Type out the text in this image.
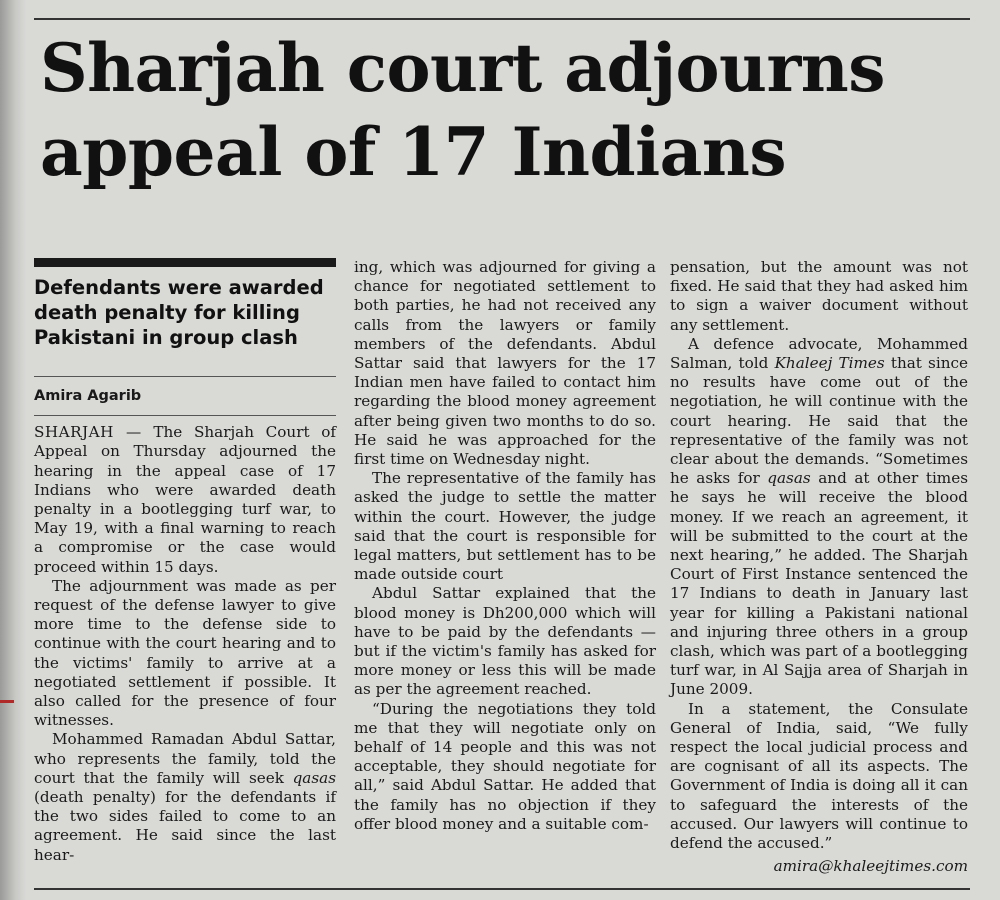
Sharjah court adjourns appeal of 17 Indians
Defendants were awarded death penalty for killing Pakistani in group clash
Amira Agarib

SHARJAH — The Sharjah Court of Appeal on Thursday adjourned the hearing in the appeal case of 17 Indians who were awarded death penalty in a bootlegging turf war, to May 19, with a final warning to reach a compromise or the case would proceed within 15 days.

The adjournment was made as per request of the defense lawyer to give more time to the defense side to continue with the court hearing and to the victims' family to arrive at a negotiated settlement if possible. It also called for the presence of four witnesses.

Mohammed Ramadan Abdul Sattar, who represents the family, told the court that the family will seek qasas (death penalty) for the defendants if the two sides failed to come to an agreement. He said since the last hear-

ing, which was adjourned for giving a chance for negotiated settlement to both parties, he had not received any calls from the lawyers or family members of the defendants. Abdul Sattar said that lawyers for the 17 Indian men have failed to contact him regarding the blood money agreement after being given two months to do so. He said he was approached for the first time on Wednesday night.

The representative of the family has asked the judge to settle the matter within the court. However, the judge said that the court is responsible for legal matters, but settlement has to be made outside court

Abdul Sattar explained that the blood money is Dh200,000 which will have to be paid by the defendants — but if the victim's family has asked for more money or less this will be made as per the agreement reached.

“During the negotiations they told me that they will negotiate only on behalf of 14 people and this was not acceptable, they should negotiate for all,” said Abdul Sattar. He added that the family has no objection if they offer blood money and a suitable com-

pensation, but the amount was not fixed. He said that they had asked him to sign a waiver document without any settlement.

A defence advocate, Mohammed Salman, told Khaleej Times that since no results have come out of the negotiation, he will continue with the court hearing. He said that the representative of the family was not clear about the demands. “Sometimes he asks for qasas and at other times he says he will receive the blood money. If we reach an agreement, it will be submitted to the court at the next hearing,” he added. The Sharjah Court of First Instance sentenced the 17 Indians to death in January last year for killing a Pakistani national and injuring three others in a group clash, which was part of a bootlegging turf war, in Al Sajja area of Sharjah in June 2009.

In a statement, the Consulate General of India, said, “We fully respect the local judicial process and are cognisant of all its aspects. The Government of India is doing all it can to safeguard the interests of the accused. Our lawyers will continue to defend the accused.”

amira@khaleejtimes.com
